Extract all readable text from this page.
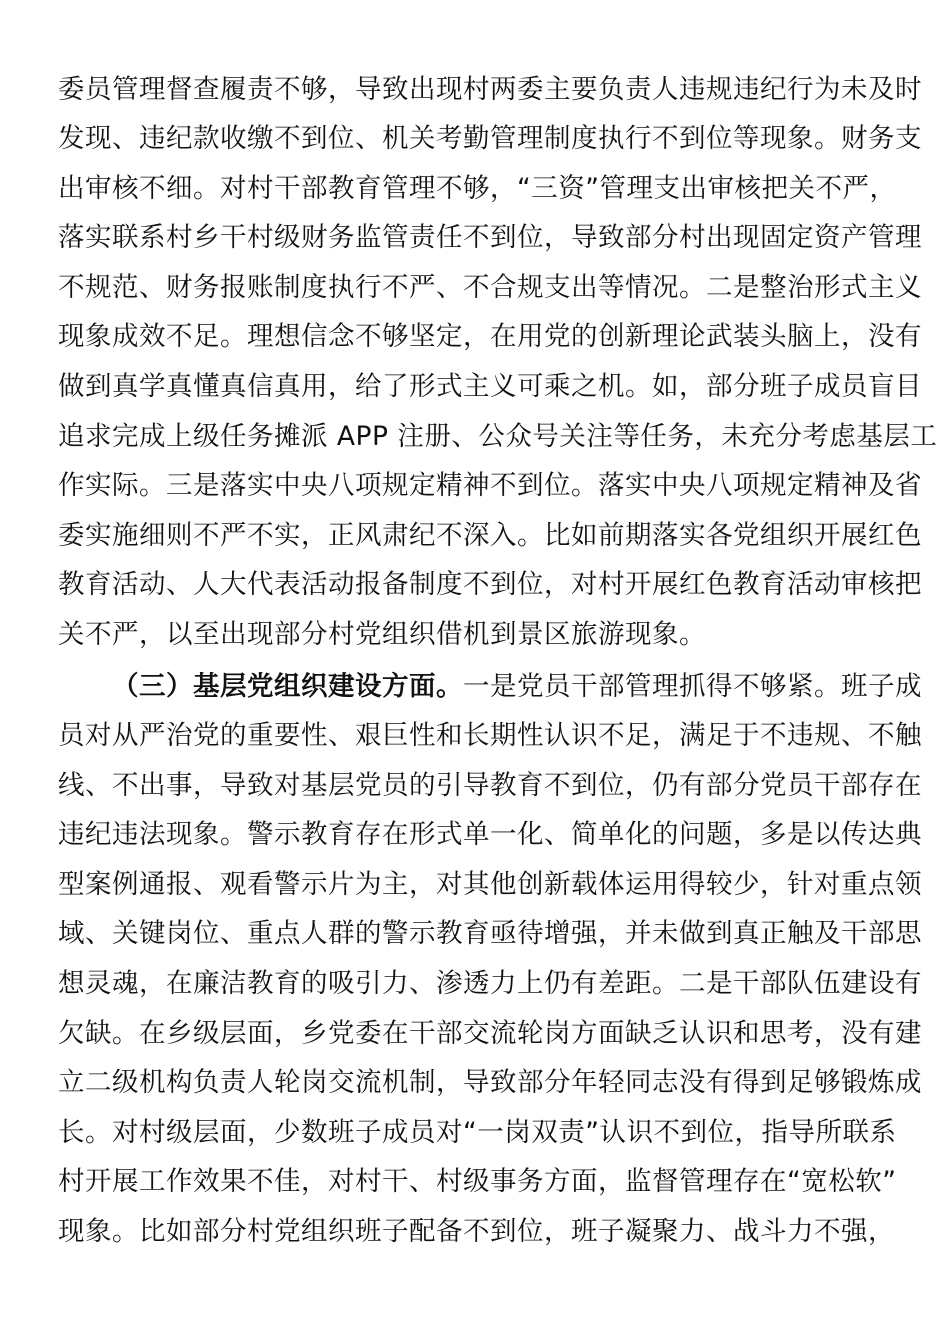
委员管理督查履责不够，导致出现村两委主要负责人违规违纪行为未及时
发现、违纪款收缴不到位、机关考勤管理制度执行不到位等现象。财务支
出审核不细。对村干部教育管理不够，“三资”管理支出审核把关不严，
落实联系村乡干村级财务监管责任不到位，导致部分村出现固定资产管理
不规范、财务报账制度执行不严、不合规支出等情况。二是整治形式主义
现象成效不足。理想信念不够坚定，在用党的创新理论武装头脑上，没有
做到真学真懂真信真用，给了形式主义可乘之机。如，部分班子成员盲目
追求完成上级任务摊派 APP 注册、公众号关注等任务，未充分考虑基层工
作实际。三是落实中央八项规定精神不到位。落实中央八项规定精神及省
委实施细则不严不实，正风肃纪不深入。比如前期落实各党组织开展红色
教育活动、人大代表活动报备制度不到位，对村开展红色教育活动审核把
关不严，以至出现部分村党组织借机到景区旅游现象。
（三）基层党组织建设方面。一是党员干部管理抓得不够紧。班子成
员对从严治党的重要性、艰巨性和长期性认识不足，满足于不违规、不触
线、不出事，导致对基层党员的引导教育不到位，仍有部分党员干部存在
违纪违法现象。警示教育存在形式单一化、简单化的问题，多是以传达典
型案例通报、观看警示片为主，对其他创新载体运用得较少，针对重点领
域、关键岗位、重点人群的警示教育亟待增强，并未做到真正触及干部思
想灵魂，在廉洁教育的吸引力、渗透力上仍有差距。二是干部队伍建设有
欠缺。在乡级层面，乡党委在干部交流轮岗方面缺乏认识和思考，没有建
立二级机构负责人轮岗交流机制，导致部分年轻同志没有得到足够锻炼成
长。对村级层面，少数班子成员对“一岗双责”认识不到位，指导所联系
村开展工作效果不佳，对村干、村级事务方面，监督管理存在“宽松软”
现象。比如部分村党组织班子配备不到位，班子凝聚力、战斗力不强，
